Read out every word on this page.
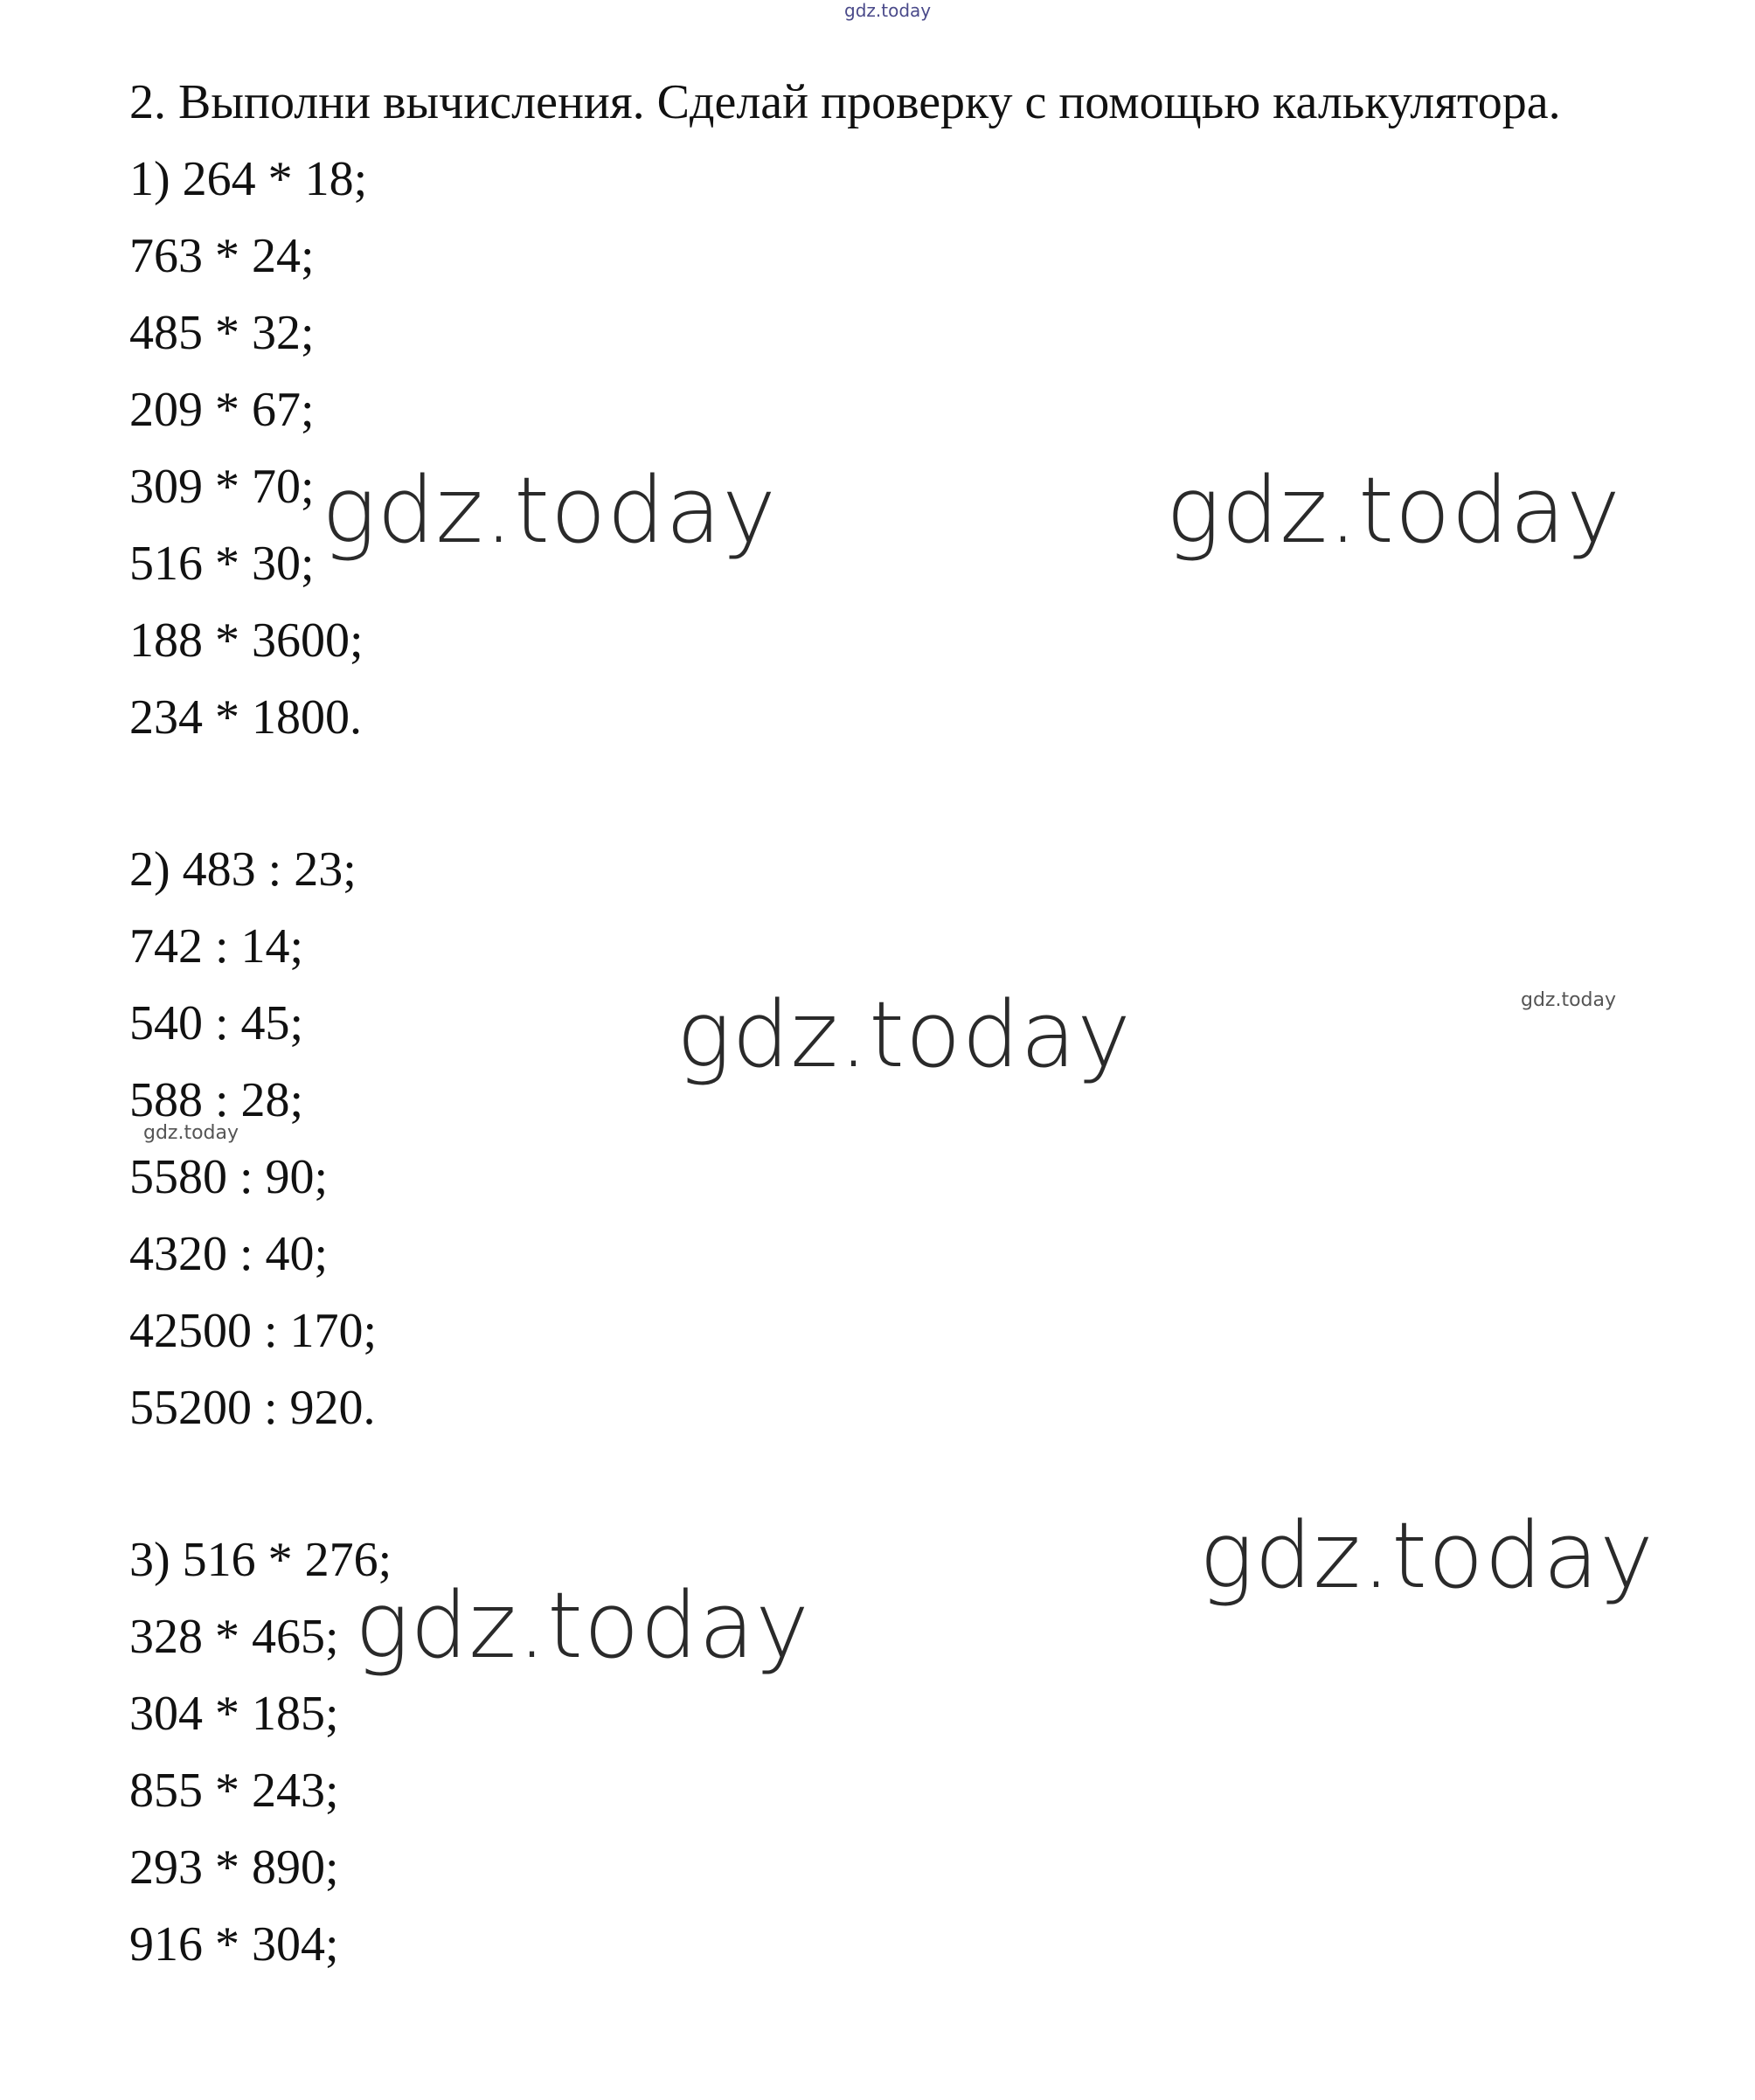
gdz.today
2. Выполни вычисления. Сделай проверку с помощью калькулятора.
1) 264 * 18;
763 * 24;
485 * 32;
209 * 67;
309 * 70;
516 * 30;
188 * 3600;
234 * 1800.
2) 483 : 23;
742 : 14;
540 : 45;
588 : 28;
5580 : 90;
4320 : 40;
42500 : 170;
55200 : 920.
3) 516 * 276;
328 * 465;
304 * 185;
855 * 243;
293 * 890;
916 * 304;
gdz.today	gdz.today
gdz.today
gdz.today
gdz.today
gdz.today
gdz.today
